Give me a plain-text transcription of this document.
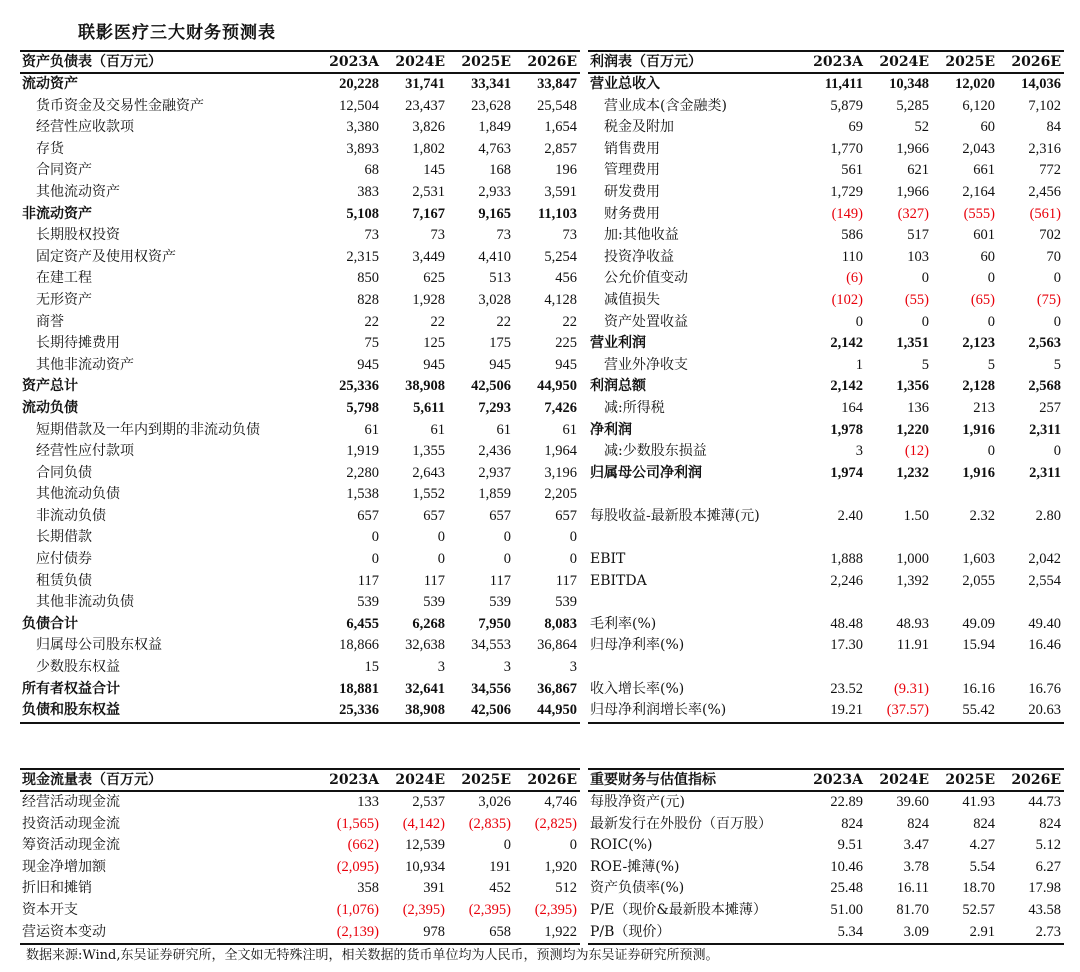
联影医疗三大财务预测表
资产负债表（百万元）	2023A	2024E	2025E	2026E
流动资产	20,228	31,741	33,341	33,847
货币资金及交易性金融资产	12,504	23,437	23,628	25,548
经营性应收款项	3,380	3,826	1,849	1,654
存货	3,893	1,802	4,763	2,857
合同资产	68	145	168	196
其他流动资产	383	2,531	2,933	3,591
非流动资产	5,108	7,167	9,165	11,103
长期股权投资	73	73	73	73
固定资产及使用权资产	2,315	3,449	4,410	5,254
在建工程	850	625	513	456
无形资产	828	1,928	3,028	4,128
商誉	22	22	22	22
长期待摊费用	75	125	175	225
其他非流动资产	945	945	945	945
资产总计	25,336	38,908	42,506	44,950
流动负债	5,798	5,611	7,293	7,426
短期借款及一年内到期的非流动负债	61	61	61	61
经营性应付款项	1,919	1,355	2,436	1,964
合同负债	2,280	2,643	2,937	3,196
其他流动负债	1,538	1,552	1,859	2,205
非流动负债	657	657	657	657
长期借款	0	0	0	0
应付债券	0	0	0	0
租赁负债	117	117	117	117
其他非流动负债	539	539	539	539
负债合计	6,455	6,268	7,950	8,083
归属母公司股东权益	18,866	32,638	34,553	36,864
少数股东权益	15	3	3	3
所有者权益合计	18,881	32,641	34,556	36,867
负债和股东权益	25,336	38,908	42,506	44,950
利润表（百万元）	2023A	2024E	2025E	2026E
营业总收入	11,411	10,348	12,020	14,036
营业成本(含金融类)	5,879	5,285	6,120	7,102
税金及附加	69	52	60	84
销售费用	1,770	1,966	2,043	2,316
管理费用	561	621	661	772
研发费用	1,729	1,966	2,164	2,456
财务费用	(149)	(327)	(555)	(561)
加:其他收益	586	517	601	702
投资净收益	110	103	60	70
公允价值变动	(6)	0	0	0
减值损失	(102)	(55)	(65)	(75)
资产处置收益	0	0	0	0
营业利润	2,142	1,351	2,123	2,563
营业外净收支	1	5	5	5
利润总额	2,142	1,356	2,128	2,568
减:所得税	164	136	213	257
净利润	1,978	1,220	1,916	2,311
减:少数股东损益	3	(12)	0	0
归属母公司净利润	1,974	1,232	1,916	2,311

每股收益-最新股本摊薄(元)	2.40	1.50	2.32	2.80

EBIT	1,888	1,000	1,603	2,042
EBITDA	2,246	1,392	2,055	2,554

毛利率(%)	48.48	48.93	49.09	49.40
归母净利率(%)	17.30	11.91	15.94	16.46

收入增长率(%)	23.52	(9.31)	16.16	16.76
归母净利润增长率(%)	19.21	(37.57)	55.42	20.63
现金流量表（百万元）	2023A	2024E	2025E	2026E
经营活动现金流	133	2,537	3,026	4,746
投资活动现金流	(1,565)	(4,142)	(2,835)	(2,825)
筹资活动现金流	(662)	12,539	0	0
现金净增加额	(2,095)	10,934	191	1,920
折旧和摊销	358	391	452	512
资本开支	(1,076)	(2,395)	(2,395)	(2,395)
营运资本变动	(2,139)	978	658	1,922
重要财务与估值指标	2023A	2024E	2025E	2026E
每股净资产(元)	22.89	39.60	41.93	44.73
最新发行在外股份（百万股）	824	824	824	824
ROIC(%)	9.51	3.47	4.27	5.12
ROE-摊薄(%)	10.46	3.78	5.54	6.27
资产负债率(%)	25.48	16.11	18.70	17.98
P/E（现价&最新股本摊薄）	51.00	81.70	52.57	43.58
P/B（现价）	5.34	3.09	2.91	2.73
数据来源:Wind,东吴证券研究所，全文如无特殊注明，相关数据的货币单位均为人民币，预测均为东吴证券研究所预测。
